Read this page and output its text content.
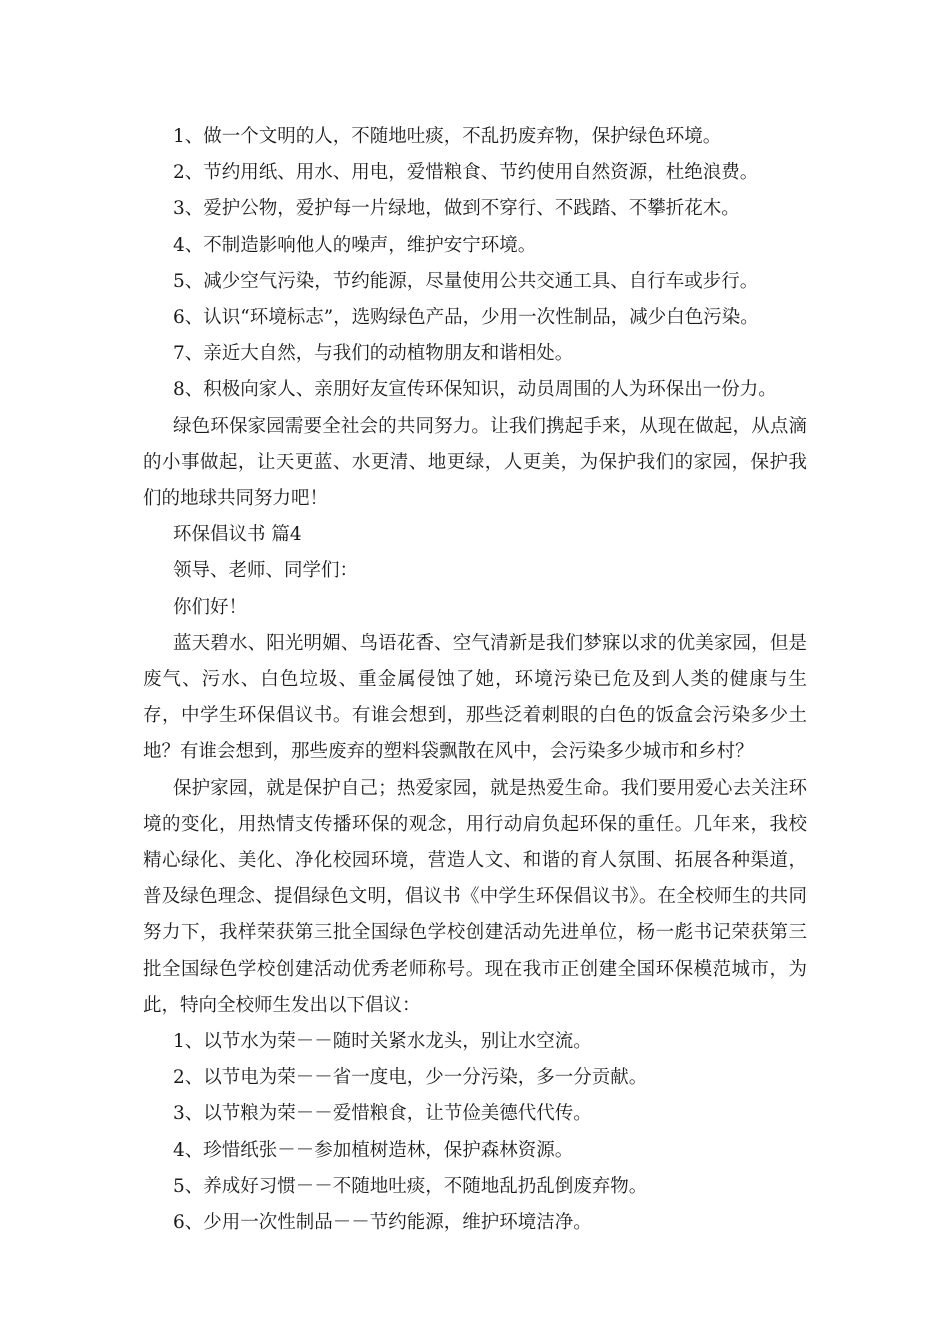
1、做一个文明的人，不随地吐痰，不乱扔废弃物，保护绿色环境。

2、节约用纸、用水、用电，爱惜粮食、节约使用自然资源，杜绝浪费。

3、爱护公物，爱护每一片绿地，做到不穿行、不践踏、不攀折花木。

4、不制造影响他人的噪声，维护安宁环境。

5、减少空气污染，节约能源，尽量使用公共交通工具、自行车或步行。

6、认识“环境标志”，选购绿色产品，少用一次性制品，减少白色污染。

7、亲近大自然，与我们的动植物朋友和谐相处。

8、积极向家人、亲朋好友宣传环保知识，动员周围的人为环保出一份力。

绿色环保家园需要全社会的共同努力。让我们携起手来，从现在做起，从点滴的小事做起，让天更蓝、水更清、地更绿，人更美，为保护我们的家园，保护我们的地球共同努力吧！

环保倡议书 篇4

领导、老师、同学们：

你们好！

蓝天碧水、阳光明媚、鸟语花香、空气清新是我们梦寐以求的优美家园，但是废气、污水、白色垃圾、重金属侵蚀了她，环境污染已危及到人类的健康与生存，中学生环保倡议书。有谁会想到，那些泛着刺眼的白色的饭盒会污染多少土地？有谁会想到，那些废弃的塑料袋飘散在风中，会污染多少城市和乡村？

保护家园，就是保护自己；热爱家园，就是热爱生命。我们要用爱心去关注环境的变化，用热情支传播环保的观念，用行动肩负起环保的重任。几年来，我校精心绿化、美化、净化校园环境，营造人文、和谐的育人氛围、拓展各种渠道，普及绿色理念、提倡绿色文明，倡议书《中学生环保倡议书》。在全校师生的共同努力下，我样荣获第三批全国绿色学校创建活动先进单位，杨一彪书记荣获第三批全国绿色学校创建活动优秀老师称号。现在我市正创建全国环保模范城市，为此，特向全校师生发出以下倡议：

1、以节水为荣－－随时关紧水龙头，别让水空流。

2、以节电为荣－－省一度电，少一分污染，多一分贡献。

3、以节粮为荣－－爱惜粮食，让节俭美德代代传。

4、珍惜纸张－－参加植树造林，保护森林资源。

5、养成好习惯－－不随地吐痰，不随地乱扔乱倒废弃物。

6、少用一次性制品－－节约能源，维护环境洁净。
